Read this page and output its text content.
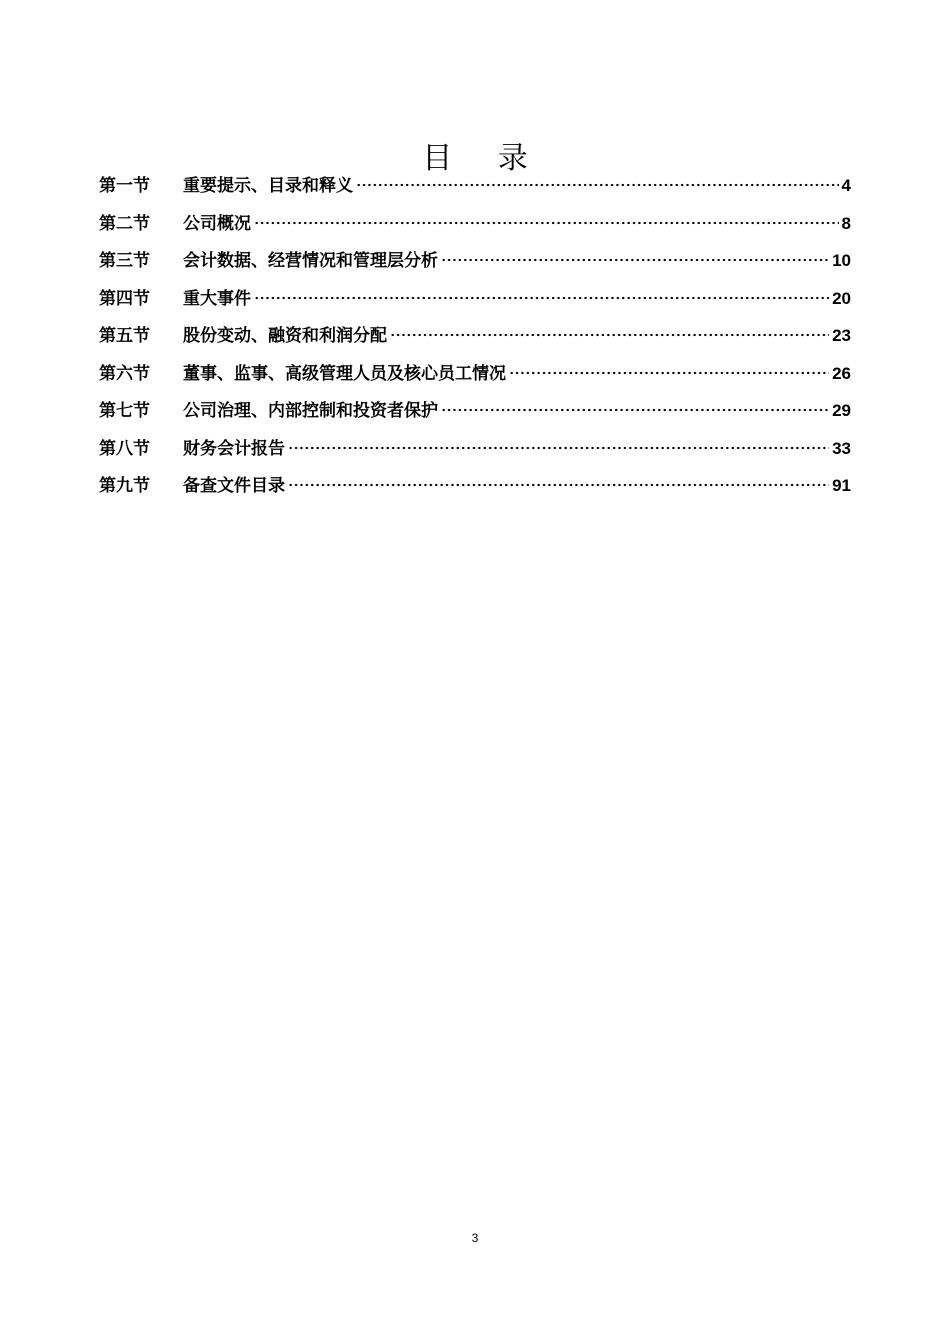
目 录
第一节	重要提示、目录和释义	4
第二节	公司概况	8
第三节	会计数据、经营情况和管理层分析	10
第四节	重大事件	20
第五节	股份变动、融资和利润分配	23
第六节	董事、监事、高级管理人员及核心员工情况	26
第七节	公司治理、内部控制和投资者保护	29
第八节	财务会计报告	33
第九节	备查文件目录	91
3
